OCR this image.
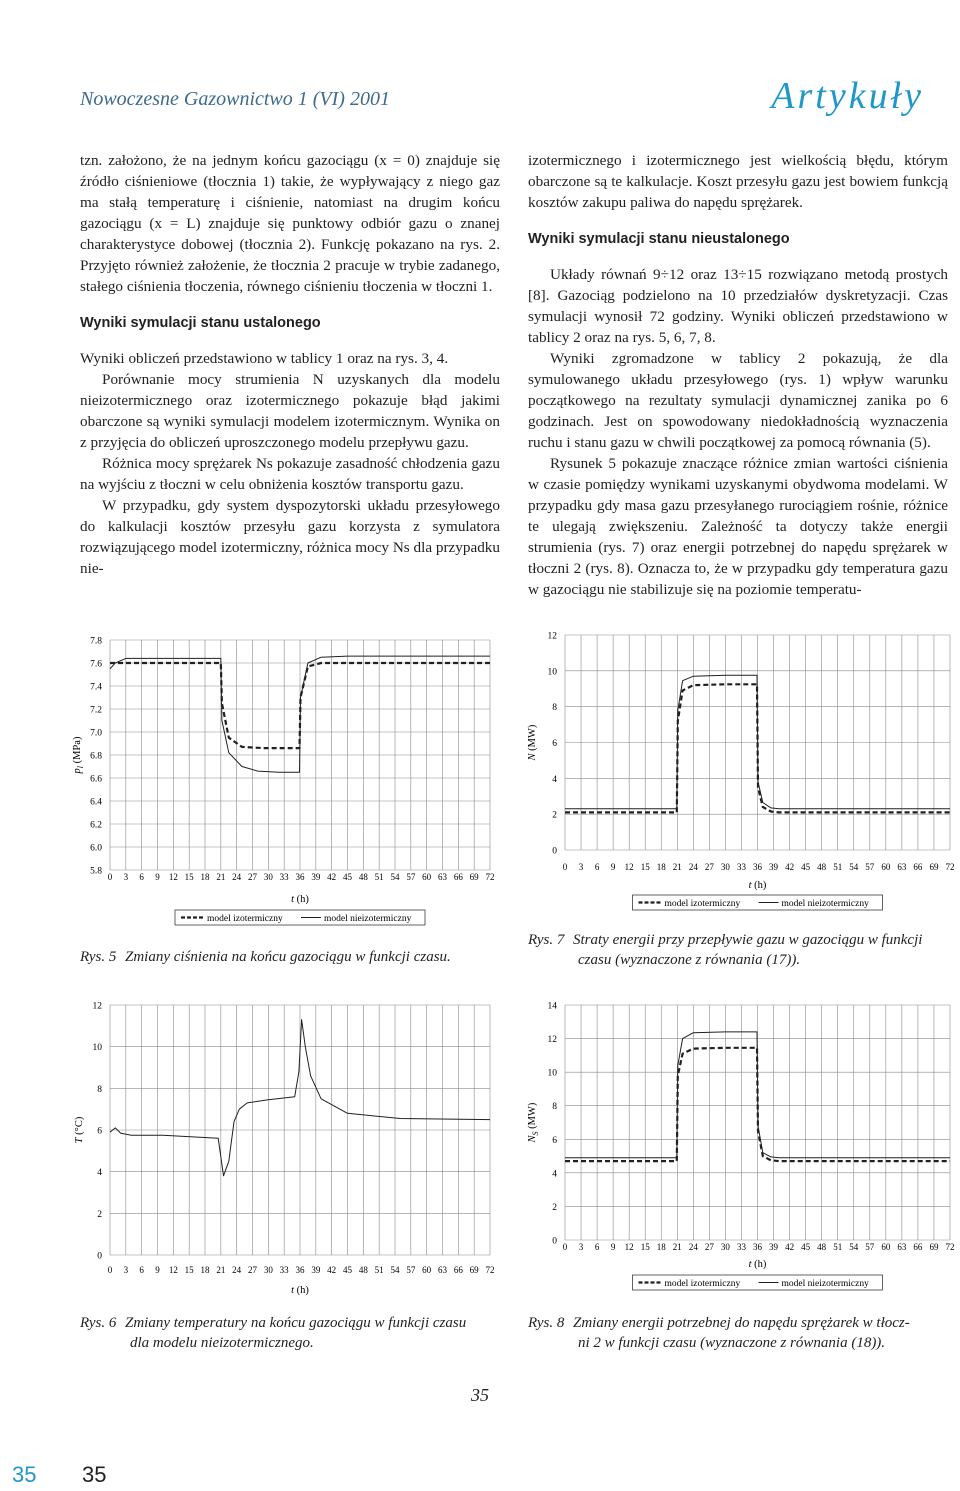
Nowoczesne Gazownictwo 1 (VI) 2001	Artykuły

tzn. założono, że na jednym końcu gazociągu (x = 0) znajduje się źródło ciśnieniowe (tłocznia 1) takie, że wypływający z niego gaz ma stałą temperaturę i ciśnienie, natomiast na drugim końcu gazociągu (x = L) znajduje się punktowy odbiór gazu o znanej charakterystyce dobowej (tłocznia 2). Funkcję pokazano na rys. 2. Przyjęto również założenie, że tłocznia 2 pracuje w trybie zadanego, stałego ciśnienia tłoczenia, równego ciśnieniu tłoczenia w tłoczni 1.

Wyniki symulacji stanu ustalonego

Wyniki obliczeń przedstawiono w tablicy 1 oraz na rys. 3, 4.

Porównanie mocy strumienia N uzyskanych dla modelu nieizotermicznego oraz izotermicznego pokazuje błąd jakimi obarczone są wyniki symulacji modelem izotermicznym. Wynika on z przyjęcia do obliczeń uproszczonego modelu przepływu gazu.

Różnica mocy sprężarek Ns pokazuje zasadność chłodzenia gazu na wyjściu z tłoczni w celu obniżenia kosztów transportu gazu.

W przypadku, gdy system dyspozytorski układu przesyłowego do kalkulacji kosztów przesyłu gazu korzysta z symulatora rozwiązującego model izotermiczny, różnica mocy Ns dla przypadku nie-

izotermicznego i izotermicznego jest wielkością błędu, którym obarczone są te kalkulacje. Koszt przesyłu gazu jest bowiem funkcją kosztów zakupu paliwa do napędu sprężarek.

Wyniki symulacji stanu nieustalonego

Układy równań 9÷12 oraz 13÷15 rozwiązano metodą prostych [8]. Gazociąg podzielono na 10 przedziałów dyskretyzacji. Czas symulacji wynosił 72 godziny. Wyniki obliczeń przedstawiono w tablicy 2 oraz na rys. 5, 6, 7, 8.

Wyniki zgromadzone w tablicy 2 pokazują, że dla symulowanego układu przesyłowego (rys. 1) wpływ warunku początkowego na rezultaty symulacji dynamicznej zanika po 6 godzinach. Jest on spowodowany niedokładnością wyznaczenia ruchu i stanu gazu w chwili początkowej za pomocą równania (5).

Rysunek 5 pokazuje znaczące różnice zmian wartości ciśnienia w czasie pomiędzy wynikami uzyskanymi obydwoma modelami. W przypadku gdy masa gazu przesyłanego rurociągiem rośnie, różnice te ulegają zwiększeniu. Zależność ta dotyczy także energii strumienia (rys. 7) oraz energii potrzebnej do napędu sprężarek w tłoczni 2 (rys. 8). Oznacza to, że w przypadku gdy temperatura gazu w gazociągu nie stabilizuje się na poziomie temperatu-

0 3 6 9 12 15 18 21 24 27 30 33 36 39 42 45 48 51 54 57 60 63 66 69 72
5.8
6.0
6.2
6.4
6.6
6.8
7.0
7.2
7.4
7.6
7.8
t (h)
$p_l$ (MPa)
model izotermiczny	model nieizotermiczny
0 3 6 9 12 15 18 21 24 27 30 33 36 39 42 45 48 51 54 57 60 63 66 69 72
0
2
4
6
8
10
12
t (h)
N (MW)
model izotermiczny	model nieizotermiczny
0 3 6 9 12 15 18 21 24 27 30 33 36 39 42 45 48 51 54 57 60 63 66 69 72
0
2
4
6
8
10
12
t (h)
T (°C)
0 3 6 9 12 15 18 21 24 27 30 33 36 39 42 45 48 51 54 57 60 63 66 69 72
0
2
4
6
8
10
12
14
t (h)
$N_S$ (MW)
model izotermiczny	model nieizotermiczny
Rys. 5 Zmiany ciśnienia na końcu gazociągu w funkcji czasu.
Rys. 7 Straty energii przy przepływie gazu w gazociągu w funkcji
czasu (wyznaczone z równania (17)).
Rys. 6 Zmiany temperatury na końcu gazociągu w funkcji czasu
dla modelu nieizotermicznego.
Rys. 8 Zmiany energii potrzebnej do napędu sprężarek w tłocz-
ni 2 w funkcji czasu (wyznaczone z równania (18)).
35
35 35
